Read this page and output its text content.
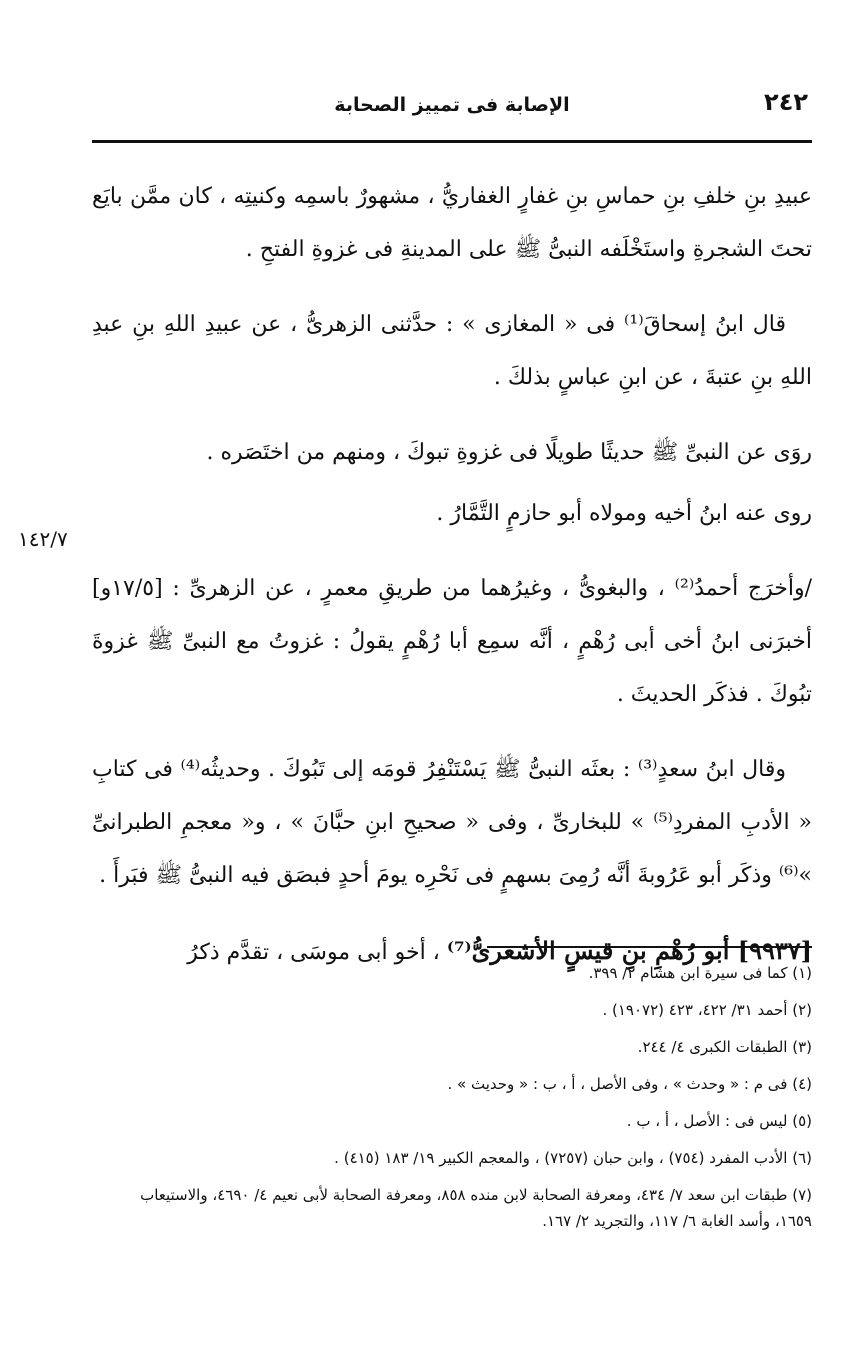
٢٤٢
الإصابة فى تمييز الصحابة
١٤٢/٧

عبيدِ بنِ خلفِ بنِ حماسِ بنِ غفارٍ الغفاريُّ ، مشهورٌ باسمِه وكنيتِه ، كان ممَّن بايَع تحتَ الشجرةِ واستَخْلَفه النبىُّ ﷺ على المدينةِ فى غزوةِ الفتحِ .

قال ابنُ إسحاقَ⁽¹⁾ فى « المغازى » : حدَّثنى الزهرىُّ ، عن عبيدِ اللهِ بنِ عبدِ اللهِ بنِ عتبةَ ، عن ابنِ عباسٍ بذلكَ .

روَى عن النبىِّ ﷺ حديثًا طويلًا فى غزوةِ تبوكَ ، ومنهم من اختَصَره .

روى عنه ابنُ أخيه ومولاه أبو حازمٍ التَّمَّارُ .

/وأخرَج أحمدُ⁽²⁾ ، والبغوىُّ ، وغيرُهما من طريقِ معمرٍ ، عن الزهرىِّ : [١٧/٥و] أخبرَنى ابنُ أخى أبى رُهْمٍ ، أنَّه سمِع أبا رُهْمٍ يقولُ : غزوتُ مع النبىِّ ﷺ غزوةَ تبُوكَ . فذكَر الحديثَ .

وقال ابنُ سعدٍ⁽³⁾ : بعثَه النبىُّ ﷺ يَسْتَنْفِرُ قومَه إلى تَبُوكَ . وحديثُه⁽⁴⁾ فى كتابِ « الأدبِ المفردِ⁽⁵⁾ » للبخارىِّ ، وفى « صحيحِ ابنِ حبَّانَ » ، و« معجمِ الطبرانىِّ »⁽⁶⁾ وذكَر أبو عَرُوبةَ أنَّه رُمِىَ بسهمٍ فى نَحْرِه يومَ أحدٍ فبصَق فيه النبىُّ ﷺ فبَرأَ .

[٩٩٣٧] أبو رُهْمِ بنِ قيسٍ الأشعرىُّ⁽⁷⁾ ، أخو أبى موسَى ، تقدَّم ذكرُ

(١) كما فى سيرة ابن هشام ٢/ ٣٩٩.

(٢) أحمد ٣١/ ٤٢٢، ٤٢٣ (١٩٠٧٢) .

(٣) الطبقات الكبرى ٤/ ٢٤٤.

(٤) فى م : « وحدث » ، وفى الأصل ، أ ، ب : « وحديث » .

(٥) ليس فى : الأصل ، أ ، ب .

(٦) الأدب المفرد (٧٥٤) ، وابن حبان (٧٢٥٧) ، والمعجم الكبير ١٩/ ١٨٣ (٤١٥) .

(٧) طبقات ابن سعد ٧/ ٤٣٤، ومعرفة الصحابة لابن منده ٨٥٨، ومعرفة الصحابة لأبى نعيم ٤/ ٤٦٩٠، والاستيعاب ١٦٥٩، وأسد الغابة ٦/ ١١٧، والتجريد ٢/ ١٦٧.
